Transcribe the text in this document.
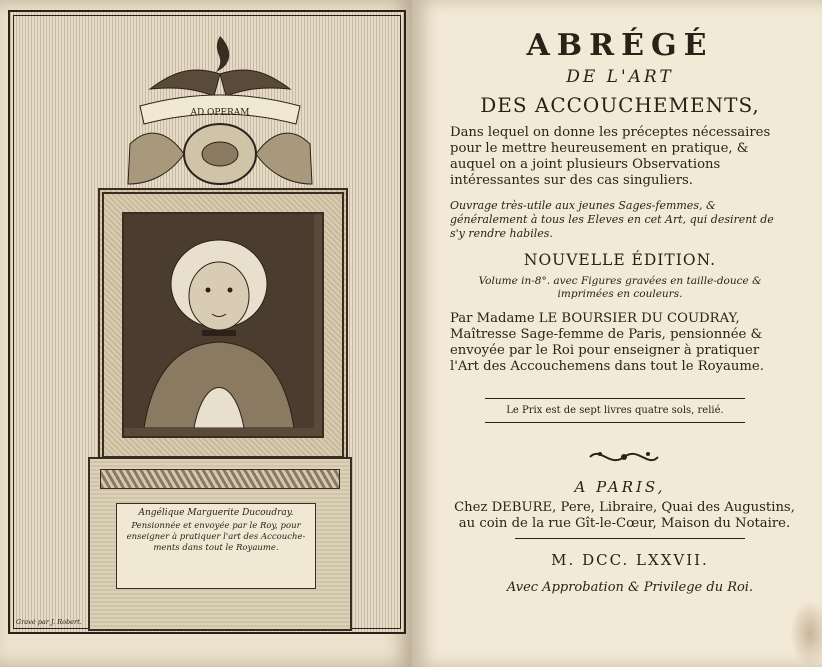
AD OPERAM
Angélique Marguerite Ducoudray.
Pensionnée et envoyée par le Roy, pour enseigner à pratiquer l'art des Accouche- ments dans tout le Royaume.
Gravé par J. Robert.
ABRÉGÉ
DE L'ART
DES ACCOUCHEMENTS,
Dans lequel on donne les préceptes nécessaires pour le mettre heureusement en pratique, & auquel on a joint plusieurs Observations intéressantes sur des cas singuliers.
Ouvrage très-utile aux jeunes Sages-femmes, & généralement à tous les Eleves en cet Art, qui desirent de s'y rendre habiles.
NOUVELLE ÉDITION.
Volume in-8°. avec Figures gravées en taille-douce & imprimées en couleurs.
Par Madame LE BOURSIER DU COUDRAY, Maîtresse Sage-femme de Paris, pensionnée & envoyée par le Roi pour enseigner à pratiquer l'Art des Accouchemens dans tout le Royaume.
Le Prix est de sept livres quatre sols, relié.
A PARIS,
Chez DEBURE, Pere, Libraire, Quai des Augustins, au coin de la rue Gît-le-Cœur, Maison du Notaire.
M. DCC. LXXVII.
Avec Approbation & Privilege du Roi.
